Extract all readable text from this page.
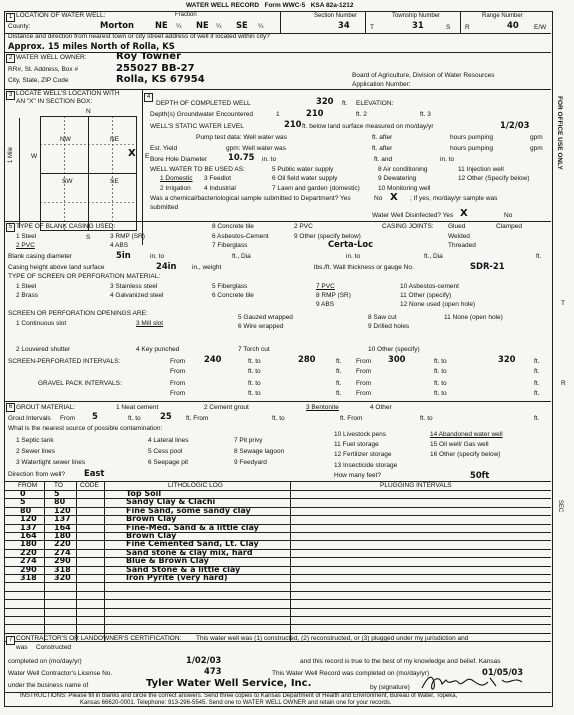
WATER WELL RECORD Form WWC-5 KSA 82a-1212
1 LOCATION OF WATER WELL:	Fraction
County:	Morton	NE ¼ NE ¼ SE ¼
Section Number
34
Township Number
T	31	S
Range Number
R	40 E/W
Distance and direction from nearest town or city street address of well if located within city?
Approx. 15 miles North of Rolla, KS
2 WATER WELL OWNER:	Roy Towner
RR#, St. Address, Box #	255027 BB-27
City, State, ZIP Code	Rolla, KS 67954	Board of Agriculture, Division of Water Resources
Application Number:
3 LOCATE WELL'S LOCATION WITH
AN "X" IN SECTION BOX:
N
S
W	E
1 Mile
NW	NE
SW	SE
X
4
DEPTH OF COMPLETED WELL	320 ft. ELEVATION:
Depth(s) Groundwater Encountered	1	210	ft. 2	ft. 3
WELL'S STATIC WATER LEVEL	210 ft. below land surface measured on mo/day/yr	1/2/03
Pump test data: Well water was	ft. after	hours pumping	gpm
Est. Yield	gpm: Well water was	ft. after	hours pumping	gpm
Bore Hole Diameter 10.75 in. to	ft. and	in. to
WELL WATER TO BE USED AS:	5 Public water supply	8 Air conditioning	11 Injection well
1 Domestic 3 Feedlot	6 Oil field water supply	9 Dewatering	12 Other (Specify below)
2 Irrigation 4 Industrial	7 Lawn and garden (domestic)	10 Monitoring well
Was a chemical/bacteriological sample submitted to Department? Yes	No X ; If yes, mo/day/yr sample was
submitted
Water Well Disinfected? Yes X	No
5 TYPE OF BLANK CASING USED:	8 Concrete tile	2 PVC	CASING JOINTS: Glued	Clamped
1 Steel	3 RMP (SR)	6 Asbestos-Cement	9 Other (specify below)	Welded
2 PVC	4 ABS	7 Fiberglass	Certa-Loc	Threaded
Blank casing diameter	5in	in. to	ft., Dia	in. to	ft., Dia	ft.
Casing height above land surface	24in in., weight	lbs./ft. Wall thickness or gauge No.	SDR-21
TYPE OF SCREEN OR PERFORATION MATERIAL:
1 Steel	3 Stainless steel	5 Fiberglass	7 PVC	10 Asbestos-cement
2 Brass	4 Galvanized steel	6 Concrete tile	8 RMP (SR)	11 Other (specify)
9 ABS	12 None used (open hole)
SCREEN OR PERFORATION OPENINGS ARE:
1 Continuous slot	3 Mill slot
5 Gauzed wrapped	8 Saw cut	11 None (open hole)
6 Wire wrapped	9 Drilled holes
2 Louvered shutter	4 Key punched	7 Torch cut	10 Other (specify)
SCREEN-PERFORATED INTERVALS:	From 240	ft. to	280	ft. From 300	ft. to	320	ft.
From	ft. to	ft. From	ft. to	ft.
GRAVEL PACK INTERVALS:	From	ft. to	ft. From	ft. to	ft.
From	ft. to	ft. From	ft. to	ft.
6 GROUT MATERIAL:	1 Neat cement	2 Cement grout	3 Bentonite	4 Other
Grout Intervals From 5	ft. to 25 ft. From	ft. to	ft. From	ft. to	ft.
What is the nearest source of possible contamination:
1 Septic tank	4 Lateral lines	7 Pit privy
10 Livestock pens	14 Abandoned water well
2 Sewer lines	5 Cess pool	8 Sewage lagoon
11 Fuel storage	15 Oil well/ Gas well
3 Watertight sewer lines	6 Seepage pit	9 Feedyard
12 Fertilizer storage	16 Other (specify below)
13 Insecticide storage
Direction from well? East	How many feet?	50ft
FROM	TO	CODE	LITHOLOGIC LOG	PLUGGING INTERVALS
0	5	Top Soil
5	80	Sandy Clay & Clachi
80	120	Fine Sand, some sandy clay
120 137	Brown Clay
137 164	Fine-Med. Sand & a little clay
164 180	Brown Clay
180 220	Fine Cemented Sand, Lt. Clay
220 274	Sand stone & clay mix, hard
274 290	Blue & Brown Clay
290 318	Sand Stone & a little clay
318 320	Iron Pyrite (very hard)
7 CONTRACTOR'S OR LANDOWNER'S CERTIFICATION: This water well was (1) constructed, (2) reconstructed, or (3) plugged under my jurisdiction and
was Constructed
completed on (mo/day/yr)	1/02/03	and this record is true to the best of my knowledge and belief. Kansas
Water Well Contractor's License No.	473	This Water Well Record was completed on (mo/day/yr)	01/05/03
under the business name of	Tyler Water Well Service, Inc.	by (signature)
INSTRUCTIONS: Please fill in blanks and circle the correct answers. Send three copies to Kansas Department of Health and Environment, Bureau of Water, Topeka,
Kansas 66620-0001. Telephone: 913-296-5545. Send one to WATER WELL OWNER and retain one for your records.
FOR OFFICE USE ONLY
T
R
SEC
